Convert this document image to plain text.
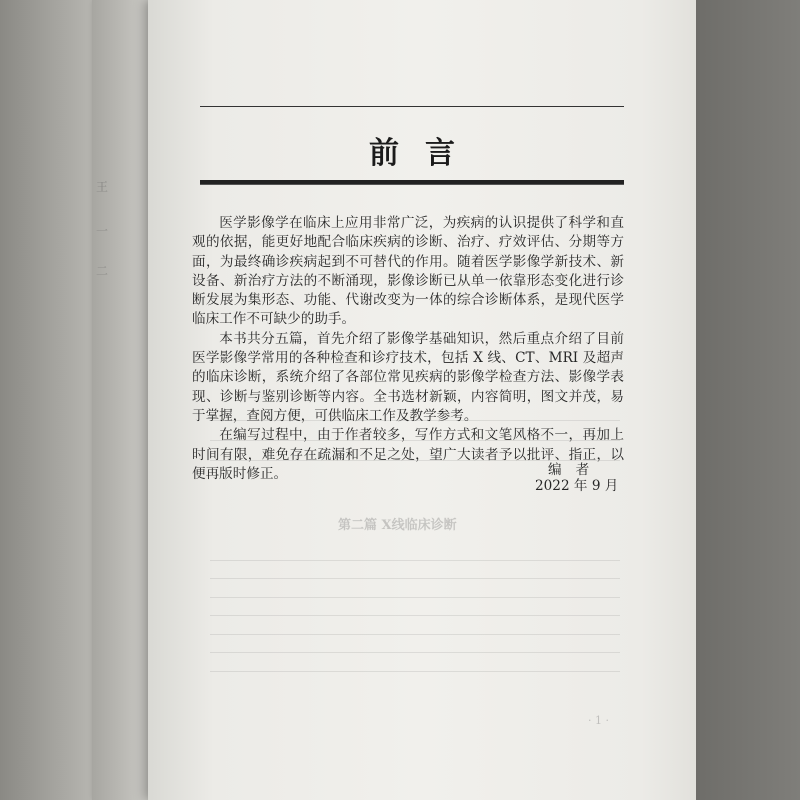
王
一
二
第二篇 X线临床诊断
· 1 ·
前言

医学影像学在临床上应用非常广泛，为疾病的认识提供了科学和直观的依据，能更好地配合临床疾病的诊断、治疗、疗效评估、分期等方面，为最终确诊疾病起到不可替代的作用。随着医学影像学新技术、新设备、新治疗方法的不断涌现，影像诊断已从单一依靠形态变化进行诊断发展为集形态、功能、代谢改变为一体的综合诊断体系，是现代医学临床工作不可缺少的助手。

本书共分五篇，首先介绍了影像学基础知识，然后重点介绍了目前医学影像学常用的各种检查和诊疗技术，包括 X 线、CT、MRI 及超声的临床诊断，系统介绍了各部位常见疾病的影像学检查方法、影像学表现、诊断与鉴别诊断等内容。全书选材新颖，内容简明，图文并茂，易于掌握，查阅方便，可供临床工作及教学参考。

在编写过程中，由于作者较多，写作方式和文笔风格不一，再加上时间有限，难免存在疏漏和不足之处，望广大读者予以批评、指正，以便再版时修正。	编者
2022 年 9 月
